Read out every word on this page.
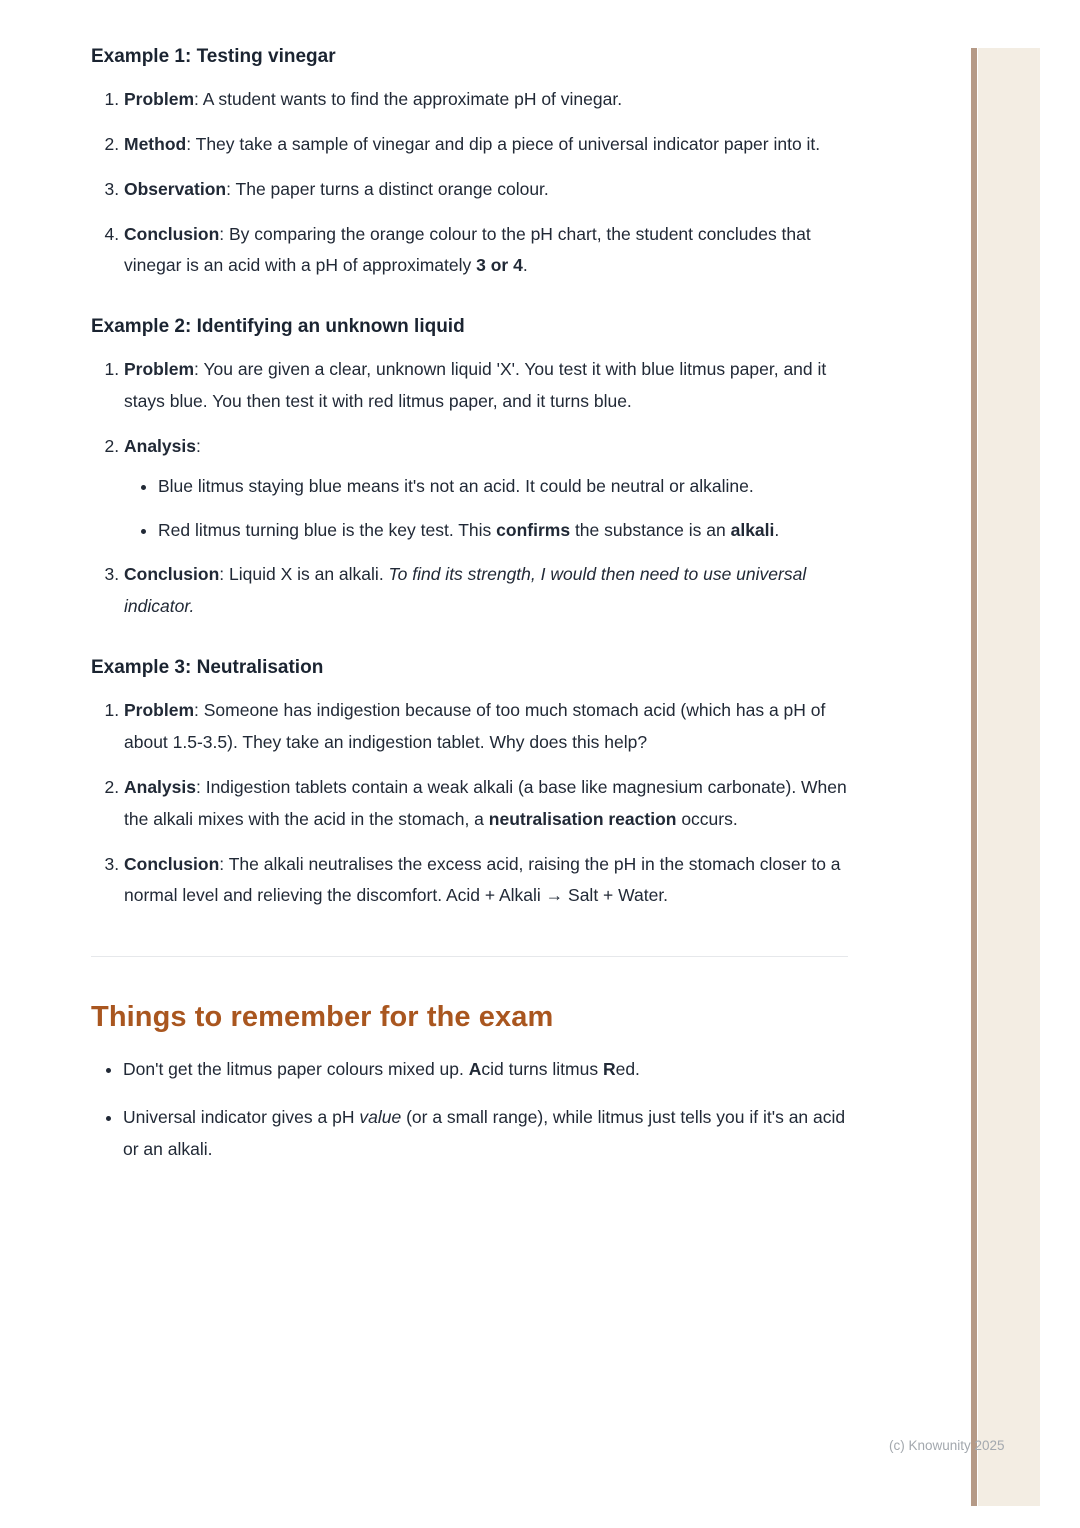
Example 1: Testing vinegar
1. Problem: A student wants to find the approximate pH of vinegar.
2. Method: They take a sample of vinegar and dip a piece of universal indicator paper into it.
3. Observation: The paper turns a distinct orange colour.
4. Conclusion: By comparing the orange colour to the pH chart, the student concludes that vinegar is an acid with a pH of approximately 3 or 4.
Example 2: Identifying an unknown liquid
1. Problem: You are given a clear, unknown liquid 'X'. You test it with blue litmus paper, and it stays blue. You then test it with red litmus paper, and it turns blue.
2. Analysis:
• Blue litmus staying blue means it's not an acid. It could be neutral or alkaline.
• Red litmus turning blue is the key test. This confirms the substance is an alkali.
3. Conclusion: Liquid X is an alkali. To find its strength, I would then need to use universal indicator.
Example 3: Neutralisation
1. Problem: Someone has indigestion because of too much stomach acid (which has a pH of about 1.5-3.5). They take an indigestion tablet. Why does this help?
2. Analysis: Indigestion tablets contain a weak alkali (a base like magnesium carbonate). When the alkali mixes with the acid in the stomach, a neutralisation reaction occurs.
3. Conclusion: The alkali neutralises the excess acid, raising the pH in the stomach closer to a normal level and relieving the discomfort. Acid + Alkali → Salt + Water.
Things to remember for the exam
• Don't get the litmus paper colours mixed up. Acid turns litmus Red.
• Universal indicator gives a pH value (or a small range), while litmus just tells you if it's an acid or an alkali.
(c) Knowunity 2025
